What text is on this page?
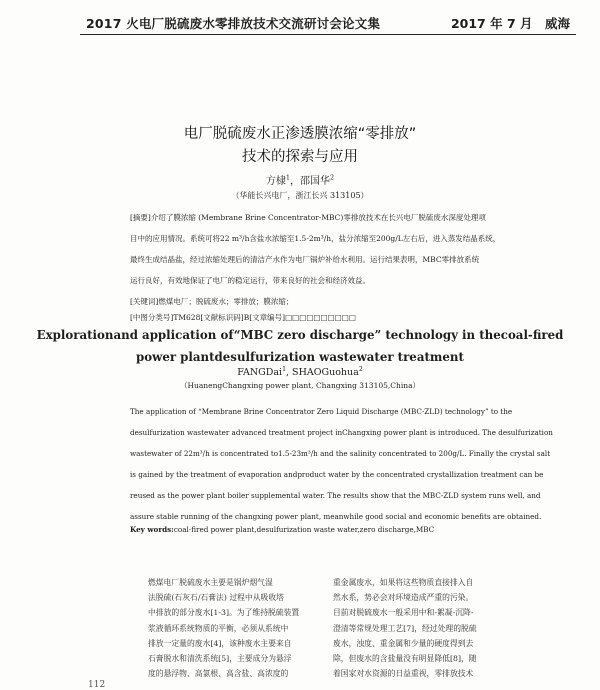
2017 火电厂脱硫废水零排放技术交流研讨会论文集	2017 年 7 月　威海
电厂脱硫废水正渗透膜浓缩“零排放”
技术的探索与应用
方棣$^1$，邵国华$^2$
（华能长兴电厂，浙江长兴 313105）
[摘要]介绍了膜浓缩 (Membrane Brine Concentrator-MBC)零排放技术在长兴电厂脱硫废水深度处理项
目中的应用情况。系统可将22 m³/h含盐水浓缩至1.5-2m³/h，盐分浓缩至200g/L左右后，进入蒸发结晶系统，
最终生成结晶盐，经过浓缩处理后的清洁产水作为电厂锅炉补给水利用。运行结果表明，MBC零排放系统
运行良好，有效地保证了电厂的稳定运行，带来良好的社会和经济效益。
[关键词]燃煤电厂；脱硫废水；零排放；膜浓缩；
[中图分类号]TM628[文献标识码]B[文章编号]□□□□□□□□□□
Explorationand application of“MBC zero discharge” technology in thecoal-fired
power plantdesulfurization wastewater treatment
FANGDai$^1$, SHAOGuohua$^2$
（HuanengChangxing power plant, Changxing 313105,China）
The application of “Membrane Brine Concentrator Zero Liquid Discharge (MBC-ZLD) technology” to the
desulfurization wastewater advanced treatment project inChangxing power plant is introduced. The desulfurization
wastewater of 22m³/h is concentrated to1.5-23m³/h and the salinity concentrated to 200g/L. Finally the crystal salt
is gained by the treatment of evaporation andproduct water by the concentrated crystallization treatment can be
reused as the power plant boiler supplemental water. The results show that the MBC-ZLD system runs well, and
assure stable running of the changxing power plant, meanwhile good social and economic benefits are obtained.
Key words:coal-fired power plant,desulfurization waste water,zero discharge,MBC
燃煤电厂脱硫废水主要是锅炉烟气湿
法脱硫(石灰石/石膏法) 过程中从吸收塔
中排放的部分废水[1-3]。为了维持脱硫装置
浆液循环系统物质的平衡，必须从系统中
排放一定量的废水[4]，该种废水主要来自
石膏脱水和清洗系统[5]，主要成分为悬浮
度的悬浮物、高氯根、高含盐、高浓度的
重金属废水，如果将这些物质直接排入自
然水系，势必会对环境造成严重的污染。
目前对脱硫废水一般采用中和-絮凝-沉降-
澄清等常规处理工艺[7]，经过处理的脱硫
废水，浊度、重金属和少量的硬度得到去
除，但废水的含盐量没有明显降低[8]，随
着国家对水资源的日益重视，零排放技术
112
